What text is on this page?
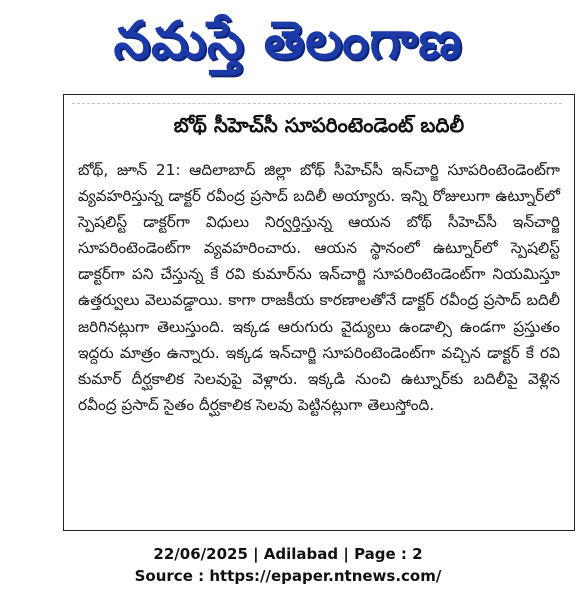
నమస్తే తెలంగాణ
బోథ్ సీహెచ్‌సీ సూపరింటెండెంట్ బదిలీ
బోథ్, జూన్ 21: ఆదిలాబాద్ జిల్లా బోథ్ సీహెచ్‌సీ ఇన్‌చార్జి సూపరింటెండెంట్‌గా వ్యవహరిస్తున్న డాక్టర్ రవీంద్ర ప్రసాద్ బదిలీ అయ్యారు. ఇన్ని రోజులుగా ఉట్నూర్‌లో స్పెషలిస్ట్ డాక్టర్‌గా విధులు నిర్వర్తిస్తున్న ఆయన బోథ్ సీహెచ్‌సీ ఇన్‌చార్జి సూపరింటెండెంట్‌గా వ్యవహరించారు. ఆయన స్థానంలో ఉట్నూర్‌లో స్పెషలిస్ట్ డాక్టర్‌గా పని చేస్తున్న కే రవి కుమార్‌ను ఇన్‌చార్జి సూపరింటెండెంట్‌గా నియమిస్తూ ఉత్తర్వులు వెలువడ్డాయి. కాగా రాజకీయ కారణాలతోనే డాక్టర్ రవీంద్ర ప్రసాద్ బదిలీ జరిగినట్లుగా తెలుస్తుంది. ఇక్కడ ఆరుగురు వైద్యులు ఉండాల్సి ఉండగా ప్రస్తుతం ఇద్దరు మాత్రం ఉన్నారు. ఇక్కడ ఇన్‌చార్జి సూపరింటెండెంట్‌గా వచ్చిన డాక్టర్ కే రవి కుమార్ దీర్ఘకాలిక సెలవుపై వెళ్లారు. ఇక్కడి నుంచి ఉట్నూర్‌కు బదిలీపై వెళ్లిన రవీంద్ర ప్రసాద్ సైతం దీర్ఘకాలిక సెలవు పెట్టినట్లుగా తెలుస్తోంది.
22/06/2025 | Adilabad | Page : 2
Source : https://epaper.ntnews.com/
